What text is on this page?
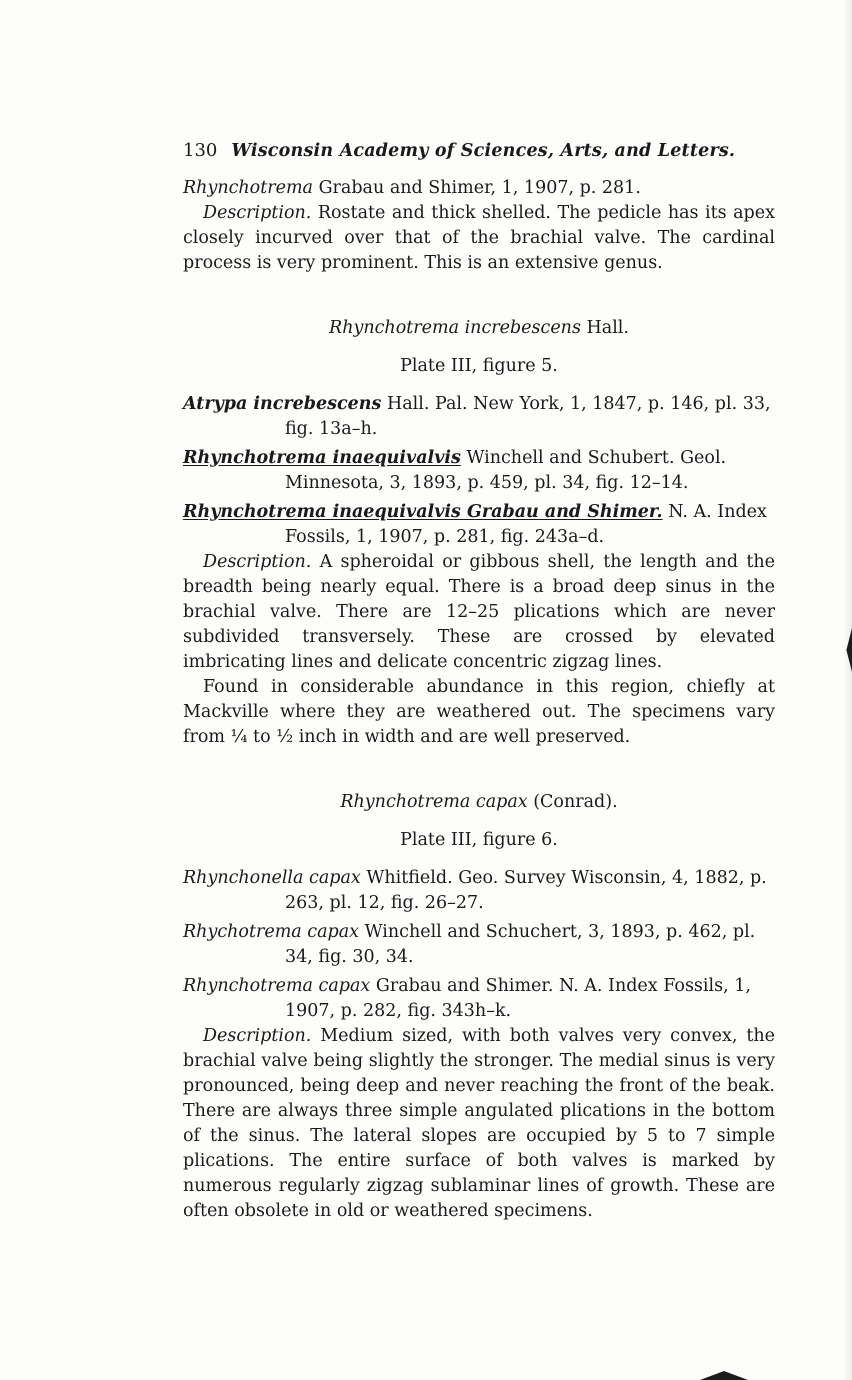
130 Wisconsin Academy of Sciences, Arts, and Letters.

Rhynchotrema Grabau and Shimer, 1, 1907, p. 281.

Description. Rostate and thick shelled. The pedicle has its apex closely incurved over that of the brachial valve. The cardinal process is very prominent. This is an extensive genus.

Rhynchotrema increbescens Hall.

Plate III, figure 5.

Atrypa increbescens Hall. Pal. New York, 1, 1847, p. 146, pl. 33, fig. 13a–h.

Rhynchotrema inaequivalvis Winchell and Schubert. Geol. Minnesota, 3, 1893, p. 459, pl. 34, fig. 12–14.

Rhynchotrema inaequivalvis Grabau and Shimer. N. A. Index Fossils, 1, 1907, p. 281, fig. 243a–d.

Description. A spheroidal or gibbous shell, the length and the breadth being nearly equal. There is a broad deep sinus in the brachial valve. There are 12–25 plications which are never subdivided transversely. These are crossed by elevated imbricating lines and delicate concentric zigzag lines.

Found in considerable abundance in this region, chiefly at Mackville where they are weathered out. The specimens vary from ¼ to ½ inch in width and are well preserved.

Rhynchotrema capax (Conrad).

Plate III, figure 6.

Rhynchonella capax Whitfield. Geo. Survey Wisconsin, 4, 1882, p. 263, pl. 12, fig. 26–27.

Rhychotrema capax Winchell and Schuchert, 3, 1893, p. 462, pl. 34, fig. 30, 34.

Rhynchotrema capax Grabau and Shimer. N. A. Index Fossils, 1, 1907, p. 282, fig. 343h–k.

Description. Medium sized, with both valves very convex, the brachial valve being slightly the stronger. The medial sinus is very pronounced, being deep and never reaching the front of the beak. There are always three simple angulated plications in the bottom of the sinus. The lateral slopes are occupied by 5 to 7 simple plications. The entire surface of both valves is marked by numerous regularly zigzag sublaminar lines of growth. These are often obsolete in old or weathered specimens.
